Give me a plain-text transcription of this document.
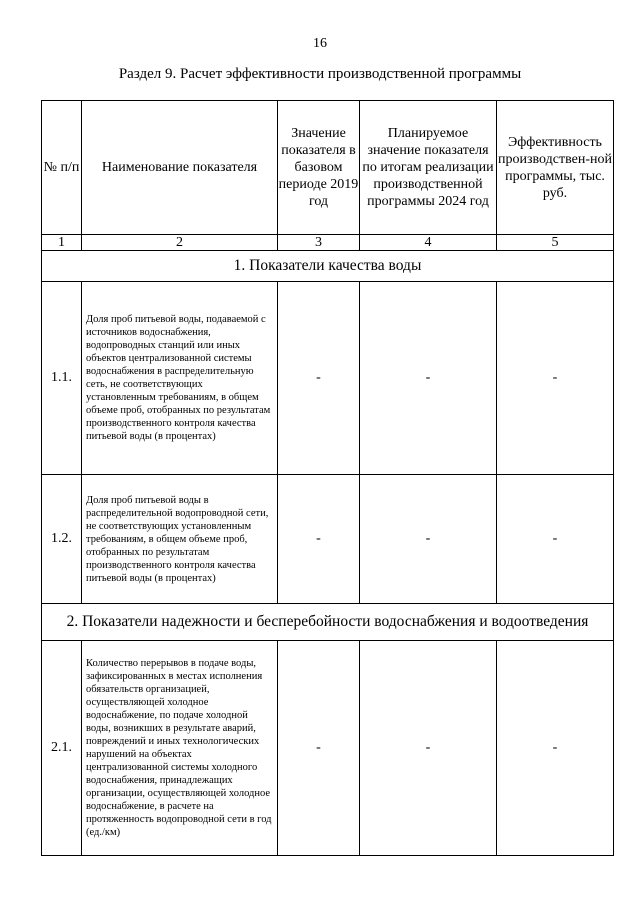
16
Раздел 9. Расчет эффективности производственной программы
№ п/п	Наименование показателя	Значение показателя в базовом периоде 2019 год	Планируемое значение показателя по итогам реализации производственной программы 2024 год	Эффективность производствен-ной программы, тыс. руб.
1	2	3	4	5
1. Показатели качества воды				
1.1.	Доля проб питьевой воды, подаваемой с источников водоснабжения, водопроводных станций или иных объектов централизованной системы водоснабжения в распределительную сеть, не соответствующих установленным требованиям, в общем объеме проб, отобранных по результатам производственного контроля качества питьевой воды (в процентах)	-	-	-
1.2.	Доля проб питьевой воды в распределительной водопроводной сети, не соответствующих установленным требованиям, в общем объеме проб, отобранных по результатам производственного контроля качества питьевой воды (в процентах)	-	-	-
2. Показатели надежности и бесперебойности водоснабжения и водоотведения				
2.1.	Количество перерывов в подаче воды, зафиксированных в местах исполнения обязательств организацией, осуществляющей холодное водоснабжение, по подаче холодной воды, возникших в результате аварий, повреждений и иных технологических нарушений на объектах централизованной системы холодного водоснабжения, принадлежащих организации, осуществляющей холодное водоснабжение, в расчете на протяженность водопроводной сети в год (ед./км)	-	-	-
